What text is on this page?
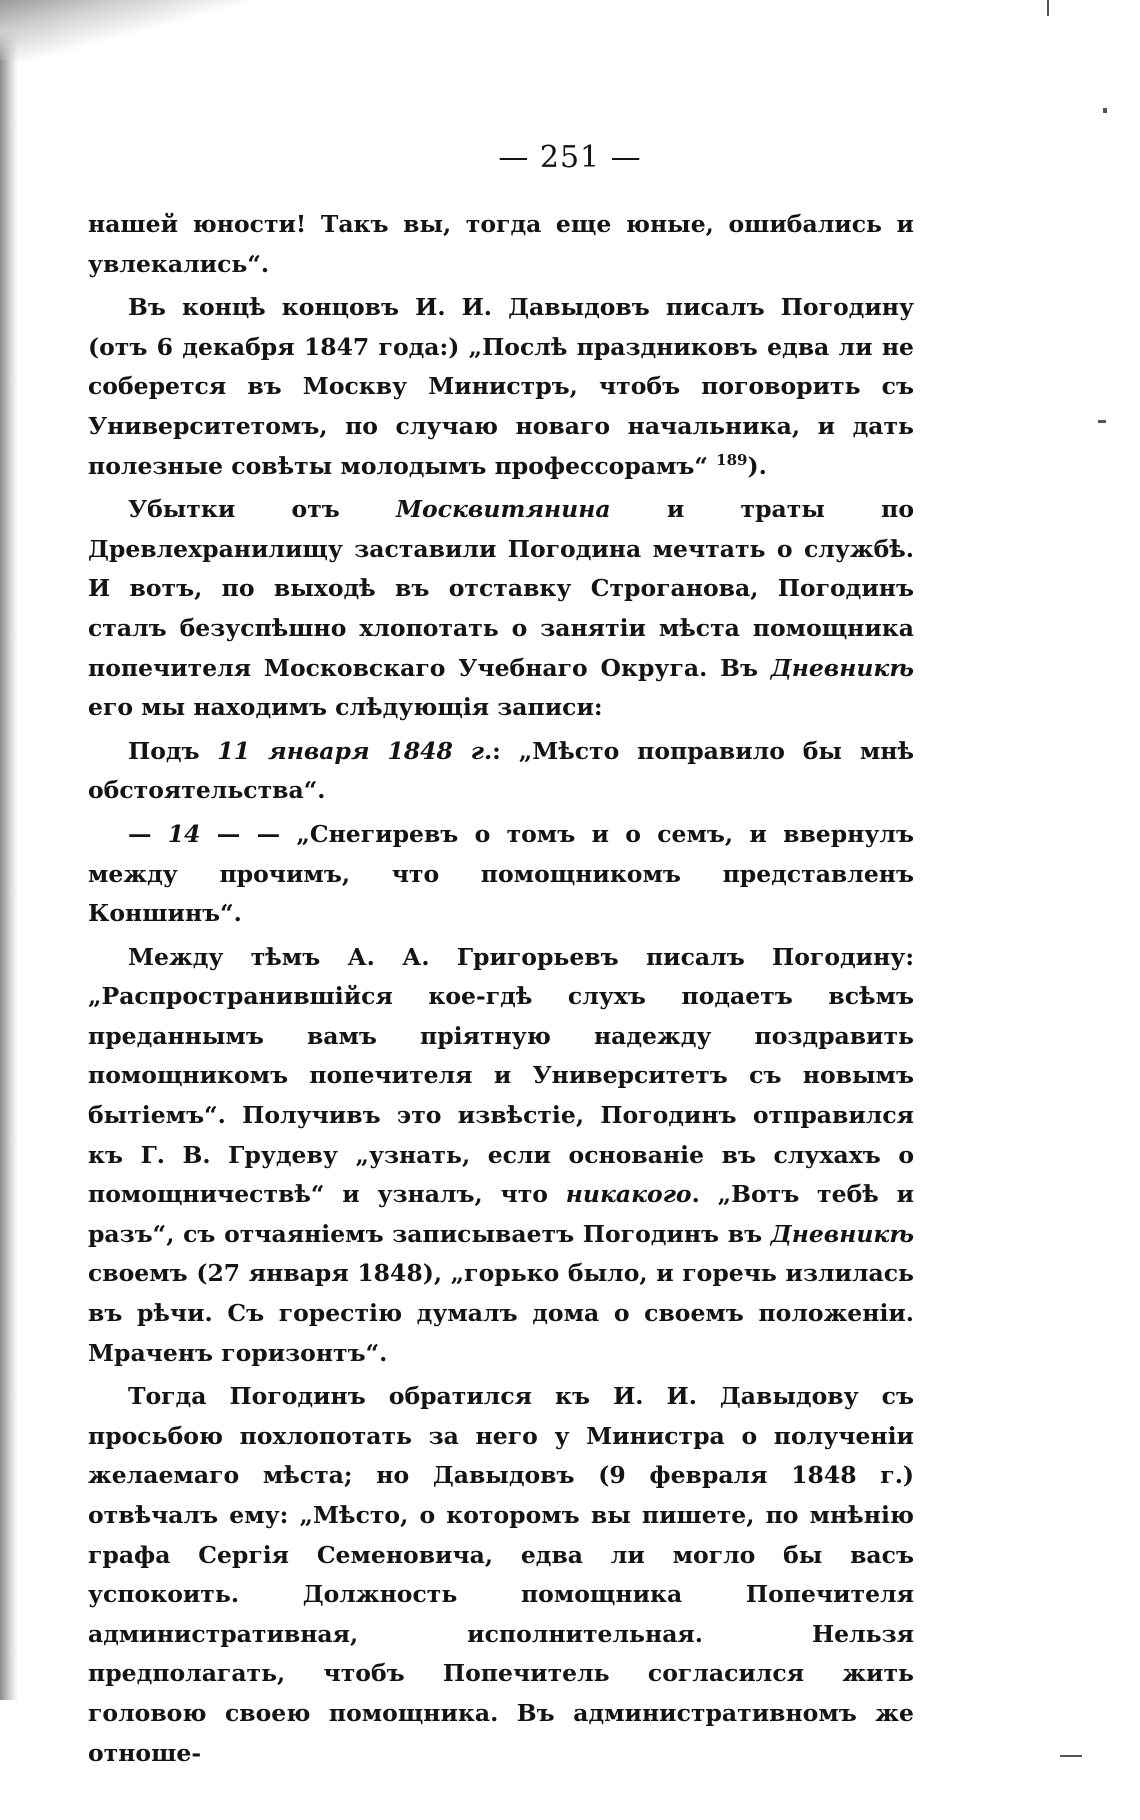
— 251 —

нашей юности! Такъ вы, тогда еще юные, ошибались и увлекались“.

Въ концѣ концовъ И. И. Давыдовъ писалъ Погодину (отъ 6 декабря 1847 года:) „Послѣ праздниковъ едва ли не соберется въ Москву Министръ, чтобъ поговорить съ Университетомъ, по случаю новаго начальника, и дать полезные совѣты молодымъ профессорамъ“ $^{189}$).

Убытки отъ Москвитянина и траты по Древлехранилищу заставили Погодина мечтать о службѣ. И вотъ, по выходѣ въ отставку Строганова, Погодинъ сталъ безуспѣшно хлопотать о занятіи мѣста помощника попечителя Московскаго Учебнаго Округа. Въ Дневникѣ его мы находимъ слѣдующія записи:

Подъ 11 января 1848 г.: „Мѣсто поправило бы мнѣ обстоятельства“.

— 14 — — „Снегиревъ о томъ и о семъ, и ввернулъ между прочимъ, что помощникомъ представленъ Коншинъ“.

Между тѣмъ А. А. Григорьевъ писалъ Погодину: „Распространившійся кое-гдѣ слухъ подаетъ всѣмъ преданнымъ вамъ пріятную надежду поздравить помощникомъ попечителя и Университетъ съ новымъ бытіемъ“. Получивъ это извѣстіе, Погодинъ отправился къ Г. В. Грудеву „узнать, если основаніе въ слухахъ о помощничествѣ“ и узналъ, что никакого. „Вотъ тебѣ и разъ“, съ отчаяніемъ записываетъ Погодинъ въ Дневникѣ своемъ (27 января 1848), „горько было, и горечь излилась въ рѣчи. Съ горестію думалъ дома о своемъ положеніи. Мраченъ горизонтъ“.

Тогда Погодинъ обратился къ И. И. Давыдову съ просьбою похлопотать за него у Министра о полученіи желаемаго мѣста; но Давыдовъ (9 февраля 1848 г.) отвѣчалъ ему: „Мѣсто, о которомъ вы пишете, по мнѣнію графа Сергія Семеновича, едва ли могло бы васъ успокоить. Должность помощника Попечителя административная, исполнительная. Нельзя предполагать, чтобъ Попечитель согласился жить головою своею помощника. Въ административномъ же отноше-
